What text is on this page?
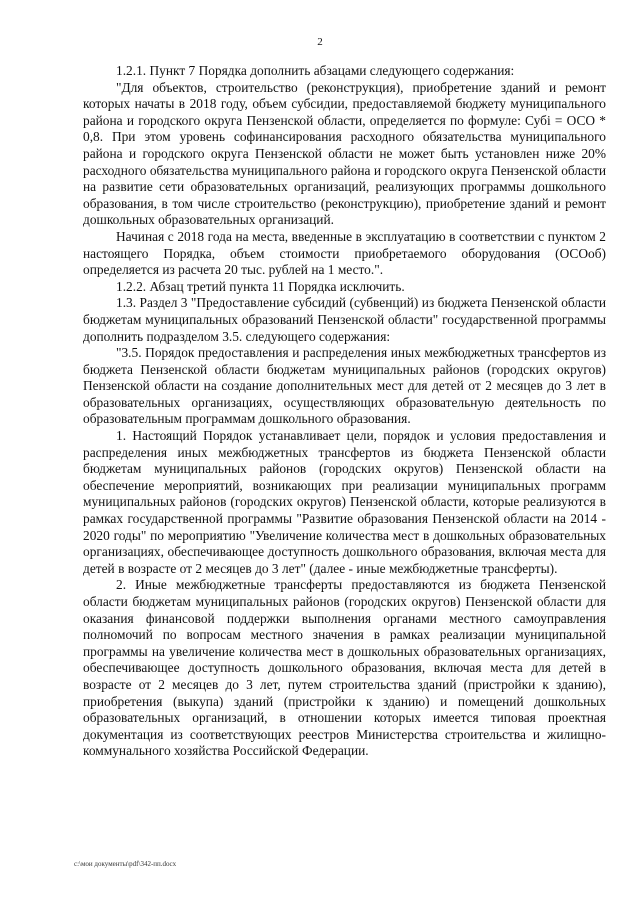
2

1.2.1. Пункт 7 Порядка дополнить абзацами следующего содержания:

"Для объектов, строительство (реконструкция), приобретение зданий и ремонт которых начаты в 2018 году, объем субсидии, предоставляемой бюджету муниципального района и городского округа Пензенской области, определяется по формуле: Субі = ОСО * 0,8. При этом уровень софинансирования расходного обязательства муниципального района и городского округа Пензенской области не может быть установлен ниже 20% расходного обязательства муниципального района и городского округа Пензенской области на развитие сети образовательных организаций, реализующих программы дошкольного образования, в том числе строительство (реконструкцию), приобретение зданий и ремонт дошкольных образовательных организаций.

Начиная с 2018 года на места, введенные в эксплуатацию в соответствии с пунктом 2 настоящего Порядка, объем стоимости приобретаемого оборудования (ОСОоб) определяется из расчета 20 тыс. рублей на 1 место.".

1.2.2. Абзац третий пункта 11 Порядка исключить.

1.3. Раздел 3 "Предоставление субсидий (субвенций) из бюджета Пензенской области бюджетам муниципальных образований Пензенской области" государственной программы дополнить подразделом 3.5. следующего содержания:

"3.5. Порядок предоставления и распределения иных межбюджетных трансфертов из бюджета Пензенской области бюджетам муниципальных районов (городских округов) Пензенской области на создание дополнительных мест для детей от 2 месяцев до 3 лет в образовательных организациях, осуществляющих образовательную деятельность по образовательным программам дошкольного образования.

1. Настоящий Порядок устанавливает цели, порядок и условия предоставления и распределения иных межбюджетных трансфертов из бюджета Пензенской области бюджетам муниципальных районов (городских округов) Пензенской области на обеспечение мероприятий, возникающих при реализации муниципальных программ муниципальных районов (городских округов) Пензенской области, которые реализуются в рамках государственной программы "Развитие образования Пензенской области на 2014 - 2020 годы" по мероприятию "Увеличение количества мест в дошкольных образовательных организациях, обеспечивающее доступность дошкольного образования, включая места для детей в возрасте от 2 месяцев до 3 лет" (далее - иные межбюджетные трансферты).

2. Иные межбюджетные трансферты предоставляются из бюджета Пензенской области бюджетам муниципальных районов (городских округов) Пензенской области для оказания финансовой поддержки выполнения органами местного самоуправления полномочий по вопросам местного значения в рамках реализации муниципальной программы на увеличение количества мест в дошкольных образовательных организациях, обеспечивающее доступность дошкольного образования, включая места для детей в возрасте от 2 месяцев до 3 лет, путем строительства зданий (пристройки к зданию), приобретения (выкупа) зданий (пристройки к зданию) и помещений дошкольных образовательных организаций, в отношении которых имеется типовая проектная документация из соответствующих реестров Министерства строительства и жилищно-коммунального хозяйства Российской Федерации.

c:\мои документы\pdf\342-пп.docx
